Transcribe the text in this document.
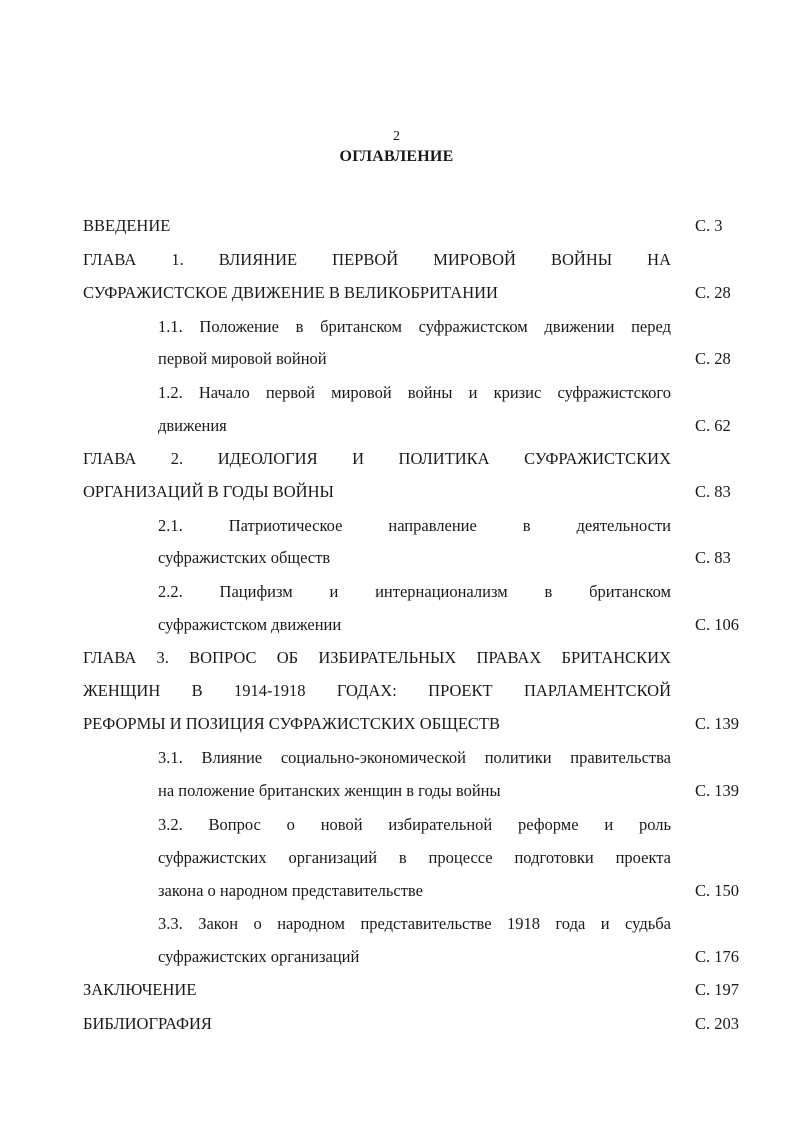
2
ОГЛАВЛЕНИЕ
ВВЕДЕНИЕ	С. 3
ГЛАВА 1. ВЛИЯНИЕ ПЕРВОЙ МИРОВОЙ ВОЙНЫ НА
СУФРАЖИСТСКОЕ ДВИЖЕНИЕ В ВЕЛИКОБРИТАНИИ	С. 28
1.1. Положение в британском суфражистском движении перед
первой мировой войной	С. 28
1.2. Начало первой мировой войны и кризис суфражистского
движения	С. 62
ГЛАВА 2. ИДЕОЛОГИЯ И ПОЛИТИКА СУФРАЖИСТСКИХ
ОРГАНИЗАЦИЙ В ГОДЫ ВОЙНЫ	С. 83
2.1. Патриотическое направление в деятельности
суфражистских обществ	С. 83
2.2. Пацифизм и интернационализм в британском
суфражистском движении	С. 106
ГЛАВА 3. ВОПРОС ОБ ИЗБИРАТЕЛЬНЫХ ПРАВАХ БРИТАНСКИХ
ЖЕНЩИН В 1914-1918 ГОДАХ: ПРОЕКТ ПАРЛАМЕНТСКОЙ
РЕФОРМЫ И ПОЗИЦИЯ СУФРАЖИСТСКИХ ОБЩЕСТВ	С. 139
3.1. Влияние социально-экономической политики правительства
на положение британских женщин в годы войны	С. 139
3.2. Вопрос о новой избирательной реформе и роль
суфражистских организаций в процессе подготовки проекта
закона о народном представительстве	С. 150
3.3. Закон о народном представительстве 1918 года и судьба
суфражистских организаций	С. 176
ЗАКЛЮЧЕНИЕ	С. 197
БИБЛИОГРАФИЯ	С. 203
